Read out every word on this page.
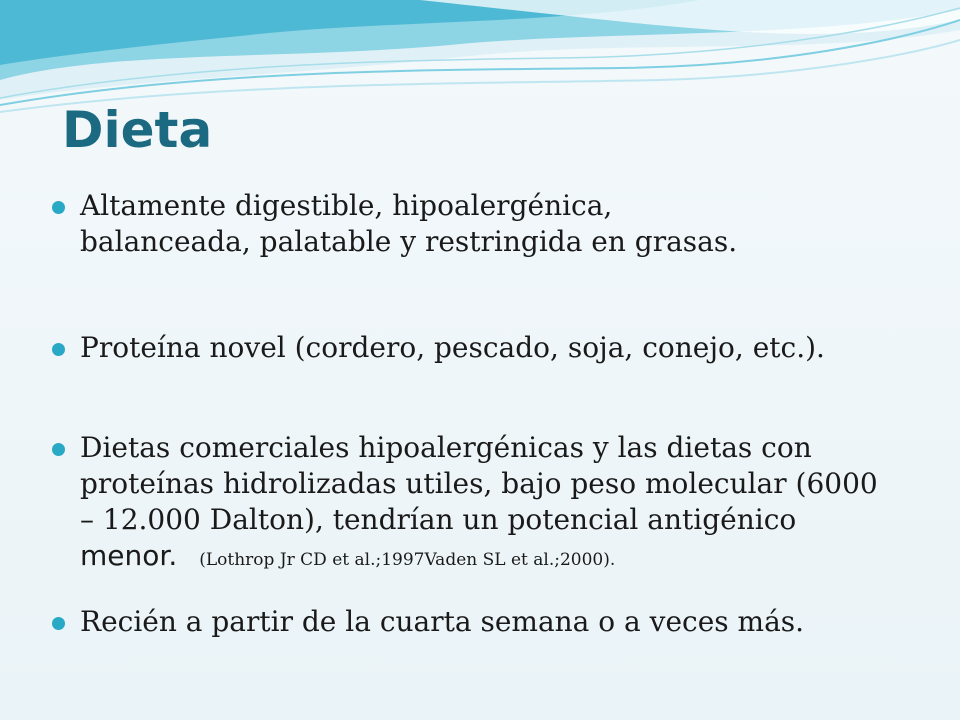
Dieta
Altamente digestible, hipoalergénica,
balanceada, palatable y restringida en grasas.
Proteína novel (cordero, pescado, soja, conejo, etc.).
Dietas comerciales hipoalergénicas y las dietas con
proteínas hidrolizadas utiles, bajo peso molecular (6000
– 12.000 Dalton), tendrían un potencial antigénico
menor. (Lothrop Jr CD et al.;1997Vaden SL et al.;2000).
Recién a partir de la cuarta semana o a veces más.
